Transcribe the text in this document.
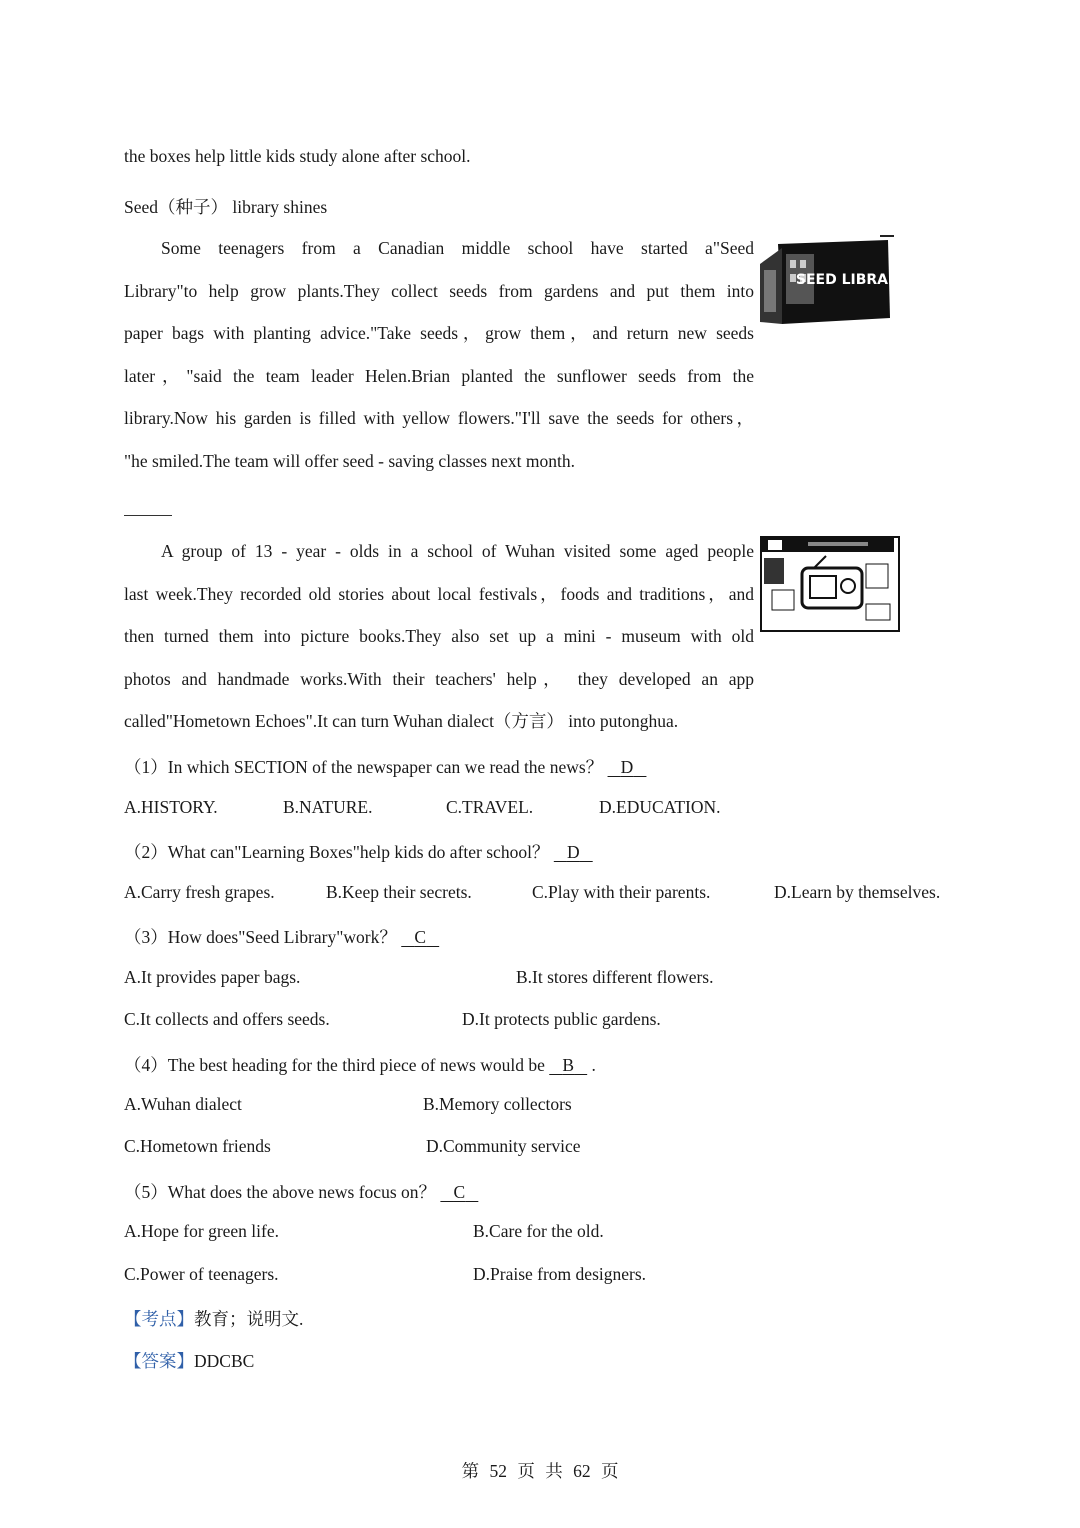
the boxes help little kids study alone after school.
Seed（种子） library shines

Some teenagers from a Canadian middle school have started a"Seed

Library"to help grow plants.They collect seeds from gardens and put them into

paper bags with planting advice."Take seeds，grow them，and return new seeds

later，"said the team leader Helen.Brian planted the sunflower seeds from the

library.Now his garden is filled with yellow flowers."I'll save the seeds for others，

"he smiled.The team will offer seed - saving classes next month.

SEED LIBRARY

A group of 13 - year - olds in a school of Wuhan visited some aged people

last week.They recorded old stories about local festivals，foods and traditions，and

then turned them into picture books.They also set up a mini - museum with old

photos and handmade works.With their teachers' help， they developed an app

called"Hometown Echoes".It can turn Wuhan dialect（方言） into putonghua.

（1）In which SECTION of the newspaper can we read the news？ D
A.HISTORY.	B.NATURE.	C.TRAVEL.	D.EDUCATION.
（2）What can"Learning Boxes"help kids do after school？ D
A.Carry fresh grapes.	B.Keep their secrets.	C.Play with their parents.	D.Learn by themselves.
（3）How does"Seed Library"work？ C
A.It provides paper bags.	B.It stores different flowers.
C.It collects and offers seeds.	D.It protects public gardens.
（4）The best heading for the third piece of news would be B .
A.Wuhan dialect	B.Memory collectors
C.Hometown friends	D.Community service
（5）What does the above news focus on？ C
A.Hope for green life.	B.Care for the old.
C.Power of teenagers.	D.Praise from designers.
【考点】教育；说明文.
【答案】DDCBC
第 52 页 共 62 页
